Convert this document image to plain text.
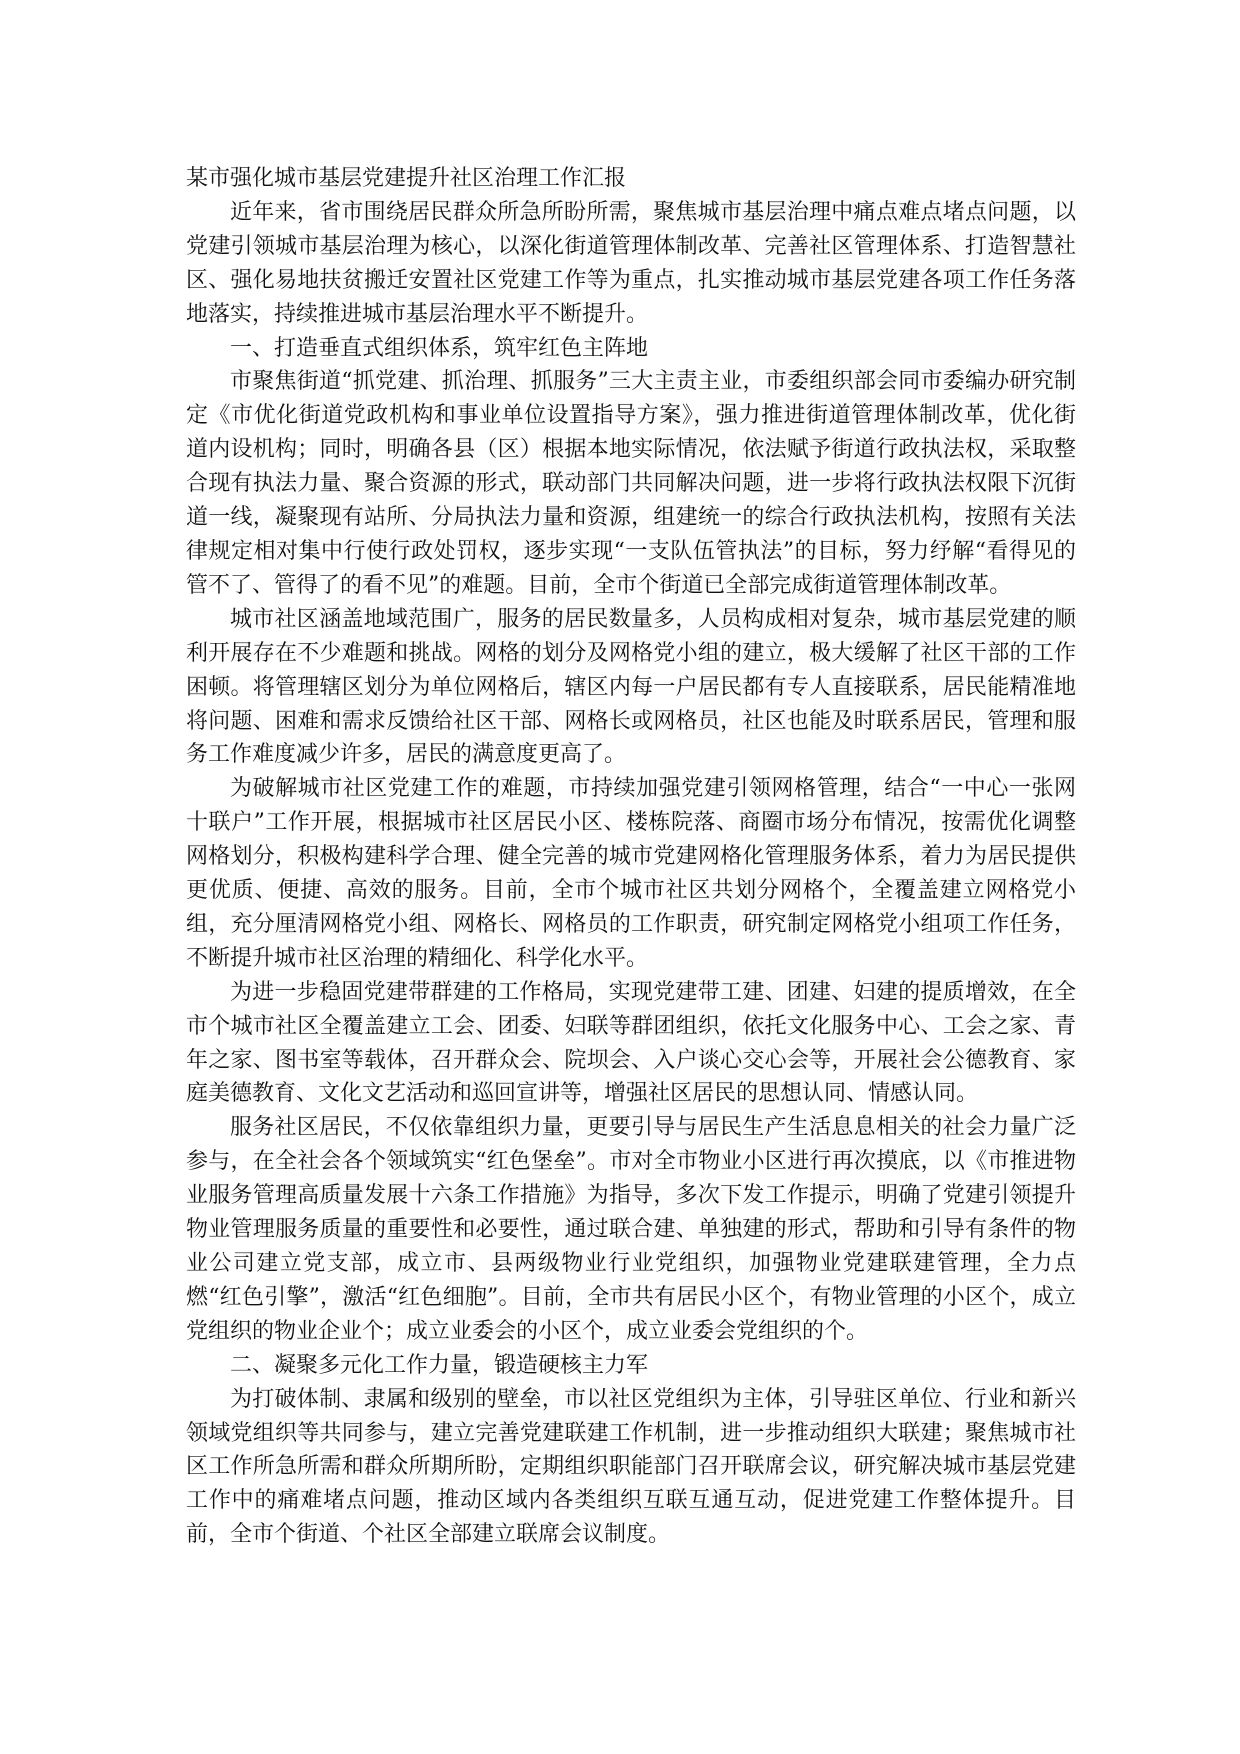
某市强化城市基层党建提升社区治理工作汇报

近年来，省市围绕居民群众所急所盼所需，聚焦城市基层治理中痛点难点堵点问题，以党建引领城市基层治理为核心，以深化街道管理体制改革、完善社区管理体系、打造智慧社区、强化易地扶贫搬迁安置社区党建工作等为重点，扎实推动城市基层党建各项工作任务落地落实，持续推进城市基层治理水平不断提升。

一、打造垂直式组织体系，筑牢红色主阵地

市聚焦街道“抓党建、抓治理、抓服务”三大主责主业，市委组织部会同市委编办研究制定《市优化街道党政机构和事业单位设置指导方案》，强力推进街道管理体制改革，优化街道内设机构；同时，明确各县（区）根据本地实际情况，依法赋予街道行政执法权，采取整合现有执法力量、聚合资源的形式，联动部门共同解决问题，进一步将行政执法权限下沉街道一线，凝聚现有站所、分局执法力量和资源，组建统一的综合行政执法机构，按照有关法律规定相对集中行使行政处罚权，逐步实现“一支队伍管执法”的目标，努力纾解“看得见的管不了、管得了的看不见”的难题。目前，全市个街道已全部完成街道管理体制改革。

城市社区涵盖地域范围广，服务的居民数量多，人员构成相对复杂，城市基层党建的顺利开展存在不少难题和挑战。网格的划分及网格党小组的建立，极大缓解了社区干部的工作困顿。将管理辖区划分为单位网格后，辖区内每一户居民都有专人直接联系，居民能精准地将问题、困难和需求反馈给社区干部、网格长或网格员，社区也能及时联系居民，管理和服务工作难度减少许多，居民的满意度更高了。

为破解城市社区党建工作的难题，市持续加强党建引领网格管理，结合“一中心一张网十联户”工作开展，根据城市社区居民小区、楼栋院落、商圈市场分布情况，按需优化调整网格划分，积极构建科学合理、健全完善的城市党建网格化管理服务体系，着力为居民提供更优质、便捷、高效的服务。目前，全市个城市社区共划分网格个，全覆盖建立网格党小组，充分厘清网格党小组、网格长、网格员的工作职责，研究制定网格党小组项工作任务，不断提升城市社区治理的精细化、科学化水平。

为进一步稳固党建带群建的工作格局，实现党建带工建、团建、妇建的提质增效，在全市个城市社区全覆盖建立工会、团委、妇联等群团组织，依托文化服务中心、工会之家、青年之家、图书室等载体，召开群众会、院坝会、入户谈心交心会等，开展社会公德教育、家庭美德教育、文化文艺活动和巡回宣讲等，增强社区居民的思想认同、情感认同。

服务社区居民，不仅依靠组织力量，更要引导与居民生产生活息息相关的社会力量广泛参与，在全社会各个领域筑实“红色堡垒”。市对全市物业小区进行再次摸底，以《市推进物业服务管理高质量发展十六条工作措施》为指导，多次下发工作提示，明确了党建引领提升物业管理服务质量的重要性和必要性，通过联合建、单独建的形式，帮助和引导有条件的物业公司建立党支部，成立市、县两级物业行业党组织，加强物业党建联建管理，全力点燃“红色引擎”，激活“红色细胞”。目前，全市共有居民小区个，有物业管理的小区个，成立党组织的物业企业个；成立业委会的小区个，成立业委会党组织的个。

二、凝聚多元化工作力量，锻造硬核主力军

为打破体制、隶属和级别的壁垒，市以社区党组织为主体，引导驻区单位、行业和新兴领域党组织等共同参与，建立完善党建联建工作机制，进一步推动组织大联建；聚焦城市社区工作所急所需和群众所期所盼，定期组织职能部门召开联席会议，研究解决城市基层党建工作中的痛难堵点问题，推动区域内各类组织互联互通互动，促进党建工作整体提升。目前，全市个街道、个社区全部建立联席会议制度。
